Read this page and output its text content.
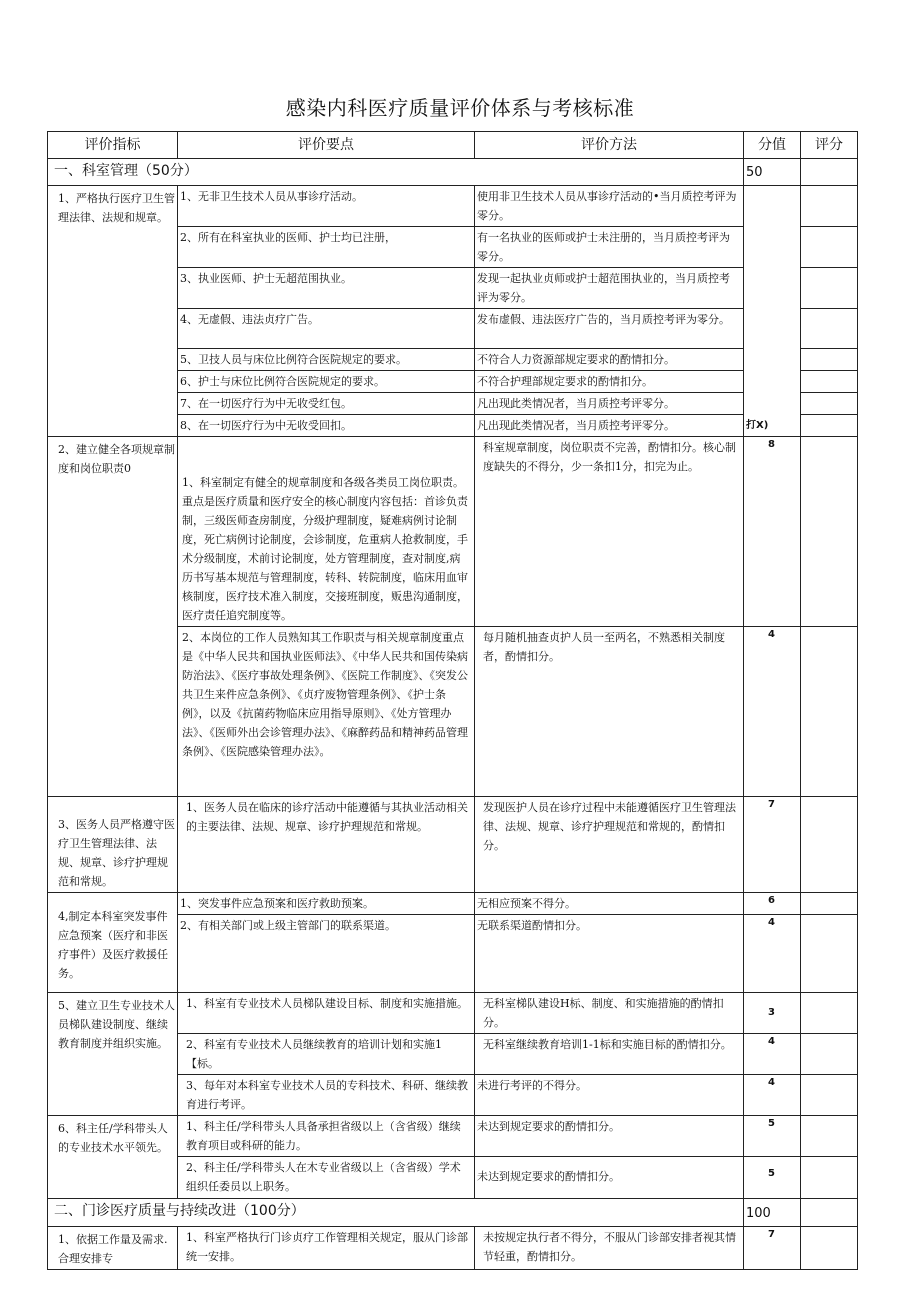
感染内科医疗质量评价体系与考核标准
评价指标	评价要点	评价方法	分值	评分
一、科室管理（50分）			50	
1、严格执行医疗卫生管理法律、法规和规章。	1、无非卫生技术人员从事诊疗活动。	使用非卫生技术人员从事诊疗活动的•当月质控考评为零分。	打X)	
	2、所有在科室执业的医师、护士均已注册，	有一名执业的医师或护士未注册的，当月质控考评为零分。		
	3、执业医师、护士无超范围执业。	发现一起执业贞师或护士超范围执业的，当月质控考评为零分。		
	4、无虚假、违法贞疗广告。	发布虚假、违法医疗广告的，当月质控考评为零分。		
	5、卫技人员与床位比例符合医院规定的要求。	不符合人力资源部规定要求的酌情扣分。		
	6、护士与床位比例符合医院规定的要求。	不符合护理部规定要求的酌情扣分。		
	7、在一切医疗行为中无收受红包。	凡出现此类情况者，当月质控考评零分。		
	8、在一切医疗行为中无收受回扣。	凡出现此类情况者，当月质控考评零分。		
2、建立健全各项规章制度和岗位职责0	1、科室制定有健全的规章制度和各级各类员工岗位职责。重点是医疗质量和医疗安全的核心制度内容包括：首诊负责制，三级医师查房制度，分级护理制度，疑难病例讨论制度，死亡病例讨论制度，会诊制度，危重病人抢救制度，手术分级制度，术前讨论制度，处方管理制度，查对制度,病历书写基本规范与管理制度，转科、转院制度，临床用血审核制度，医疗技术准入制度，交接班制度，贩患沟通制度，医疗责任追究制度等。	科室规章制度，岗位职责不完善，酌情扣分。核心制度缺失的不得分，少一条扣1分，扣完为止。	8	
	2、本岗位的工作人员熟知其工作职责与相关规章制度重点是《中华人民共和国执业医师法》、《中华人民共和国传染病防治法》、《医疗事故处理条例》、《医院工作制度》、《突发公共卫生来件应急条例》、《贞疗废物管理条例》、《护士条例》，以及《抗菌药物临床应用指导原则》、《处方管理办法》、《医师外出会诊管理办法》、《麻醉药品和精神药品管理条例》、《医院感染管理办法》。	每月随机抽查贞护人员一至两名，不熟悉相关制度者，酌情扣分。	4	
3、医务人员严格遵守医疗卫生管理法律、法规、规章、诊疗护理规范和常规。	1、医务人员在临床的诊疗活动中能遵循与其执业活动相关的主要法律、法规、规章、诊疗护理规范和常规。	发现医护人员在诊疗过程中未能遵循医疗卫生管理法律、法规、规章、诊疗护理规范和常规的，酌情扣分。	7	
4,制定本科室突发事件应急预案（医疗和非医疗事件）及医疗救援任务。	1、突发事件应急预案和医疗救助预案。	无相应预案不得分。	6	
	2、有相关部门或上级主管部门的联系渠道。	无联系渠道酌情扣分。	4	
5、建立卫生专业技术人员梯队建设制度、继续教育制度并组织实施。	1、科室有专业技术人员梯队建设目标、制度和实施措施。	无科室梯队建设H标、制度、和实施措施的酌情扣分。	3	
	2、科室有专业技术人员继续教育的培训计划和实施1【标。	无科室继续教育培训1-1标和实施目标的酌情扣分。	4	
	3、每年对本科室专业技术人员的专科技术、科研、继续教育进行考评。	未进行考评的不得分。	4	
6、科主任/学科带头人的专业技术水平领先。	1、科主任/学科带头人具备承担省级以上（含省级）继续教育项目或科研的能力。	未达到规定要求的酌情扣分。	5	
	2、科主任/学科带头人在木专业省级以上（含省级）学术组织任委员以上职务。	未达到规定要求的酌情扣分。	5	
二、门诊医疗质量与持续改进（100分）			100	
1、依据工作量及需求.合理安排专	1、科室严格执行门诊贞疗工作管理相关规定，服从门诊部统一安排。	未按规定执行者不得分，不服从门诊部安排者视其情节轻重，酌情扣分。	7	
